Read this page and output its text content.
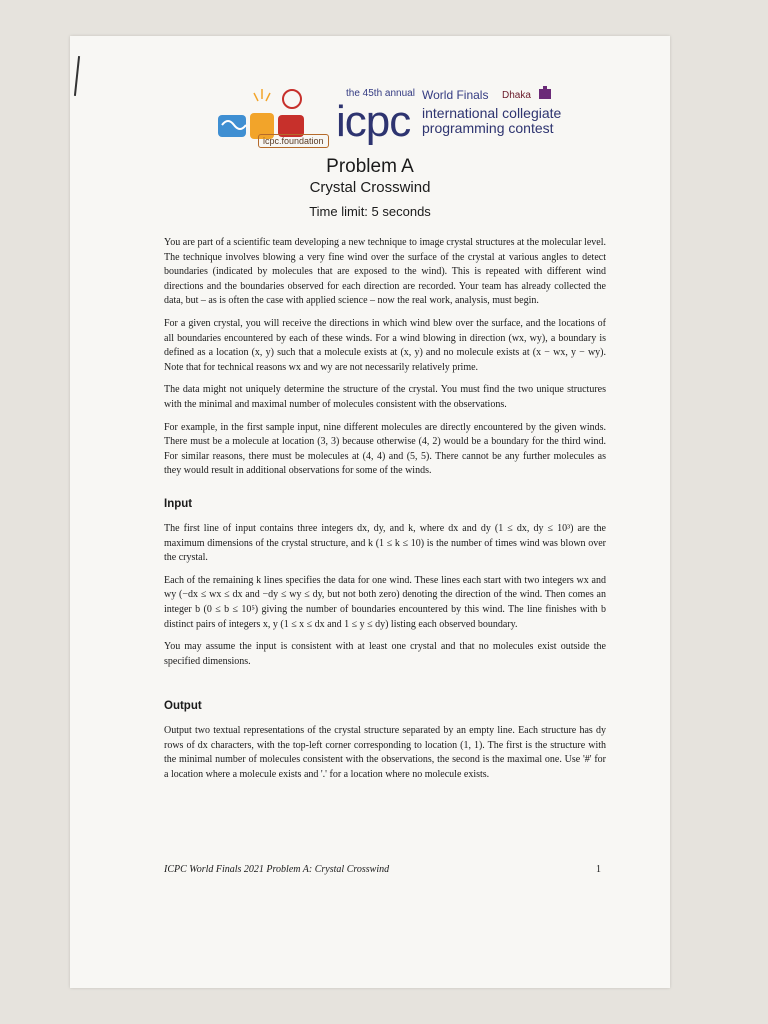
icpc.foundation
the 45th annual World Finals Dhaka
icpc international collegiate
programming contest
Problem A
Crystal Crosswind
Time limit: 5 seconds

You are part of a scientific team developing a new technique to image crystal structures at the molecular level. The technique involves blowing a very fine wind over the surface of the crystal at various angles to detect boundaries (indicated by molecules that are exposed to the wind). This is repeated with different wind directions and the boundaries observed for each direction are recorded. Your team has already collected the data, but – as is often the case with applied science – now the real work, analysis, must begin.

For a given crystal, you will receive the directions in which wind blew over the surface, and the locations of all boundaries encountered by each of these winds. For a wind blowing in direction (wx, wy), a boundary is defined as a location (x, y) such that a molecule exists at (x, y) and no molecule exists at (x − wx, y − wy). Note that for technical reasons wx and wy are not necessarily relatively prime.

The data might not uniquely determine the structure of the crystal. You must find the two unique structures with the minimal and maximal number of molecules consistent with the observations.

For example, in the first sample input, nine different molecules are directly encountered by the given winds. There must be a molecule at location (3, 3) because otherwise (4, 2) would be a boundary for the third wind. For similar reasons, there must be molecules at (4, 4) and (5, 5). There cannot be any further molecules as they would result in additional observations for some of the winds.

Input

The first line of input contains three integers dx, dy, and k, where dx and dy (1 ≤ dx, dy ≤ 10³) are the maximum dimensions of the crystal structure, and k (1 ≤ k ≤ 10) is the number of times wind was blown over the crystal.

Each of the remaining k lines specifies the data for one wind. These lines each start with two integers wx and wy (−dx ≤ wx ≤ dx and −dy ≤ wy ≤ dy, but not both zero) denoting the direction of the wind. Then comes an integer b (0 ≤ b ≤ 10⁵) giving the number of boundaries encountered by this wind. The line finishes with b distinct pairs of integers x, y (1 ≤ x ≤ dx and 1 ≤ y ≤ dy) listing each observed boundary.

You may assume the input is consistent with at least one crystal and that no molecules exist outside the specified dimensions.

Output

Output two textual representations of the crystal structure separated by an empty line. Each structure has dy rows of dx characters, with the top-left corner corresponding to location (1, 1). The first is the structure with the minimal number of molecules consistent with the observations, the second is the maximal one. Use '#' for a location where a molecule exists and '.' for a location where no molecule exists.

ICPC World Finals 2021 Problem A: Crystal Crosswind	1
